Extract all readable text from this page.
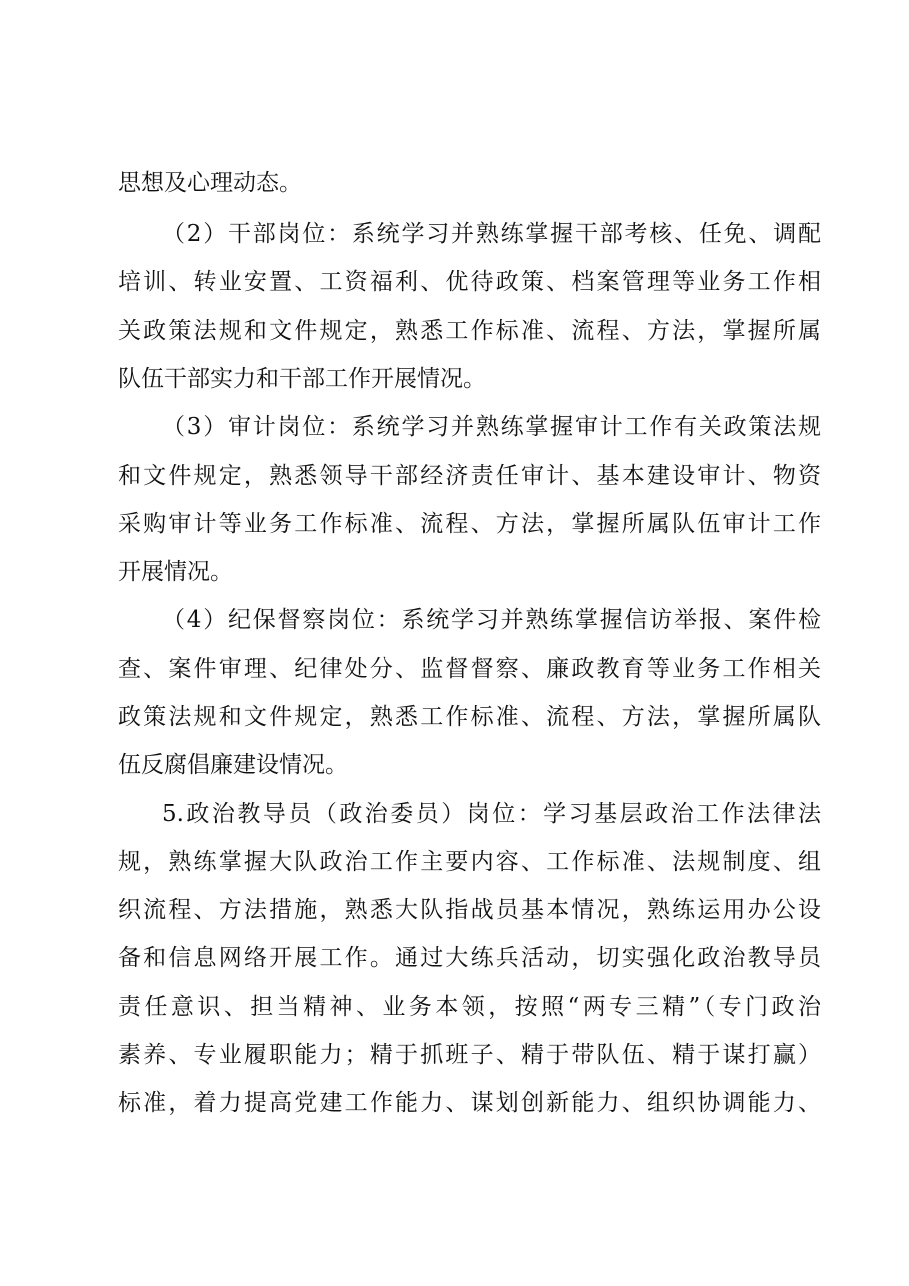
思想及心理动态。
（2）干部岗位：系统学习并熟练掌握干部考核、任免、调配
培训、转业安置、工资福利、优待政策、档案管理等业务工作相
关政策法规和文件规定，熟悉工作标准、流程、方法，掌握所属
队伍干部实力和干部工作开展情况。
（3）审计岗位：系统学习并熟练掌握审计工作有关政策法规
和文件规定，熟悉领导干部经济责任审计、基本建设审计、物资
采购审计等业务工作标准、流程、方法，掌握所属队伍审计工作
开展情况。
（4）纪保督察岗位：系统学习并熟练掌握信访举报、案件检
查、案件审理、纪律处分、监督督察、廉政教育等业务工作相关
政策法规和文件规定，熟悉工作标准、流程、方法，掌握所属队
伍反腐倡廉建设情况。
5.政治教导员（政治委员）岗位：学习基层政治工作法律法
规，熟练掌握大队政治工作主要内容、工作标准、法规制度、组
织流程、方法措施，熟悉大队指战员基本情况，熟练运用办公设
备和信息网络开展工作。通过大练兵活动，切实强化政治教导员
责任意识、担当精神、业务本领，按照“两专三精”（专门政治
素养、专业履职能力；精于抓班子、精于带队伍、精于谋打赢）
标准，着力提高党建工作能力、谋划创新能力、组织协调能力、
